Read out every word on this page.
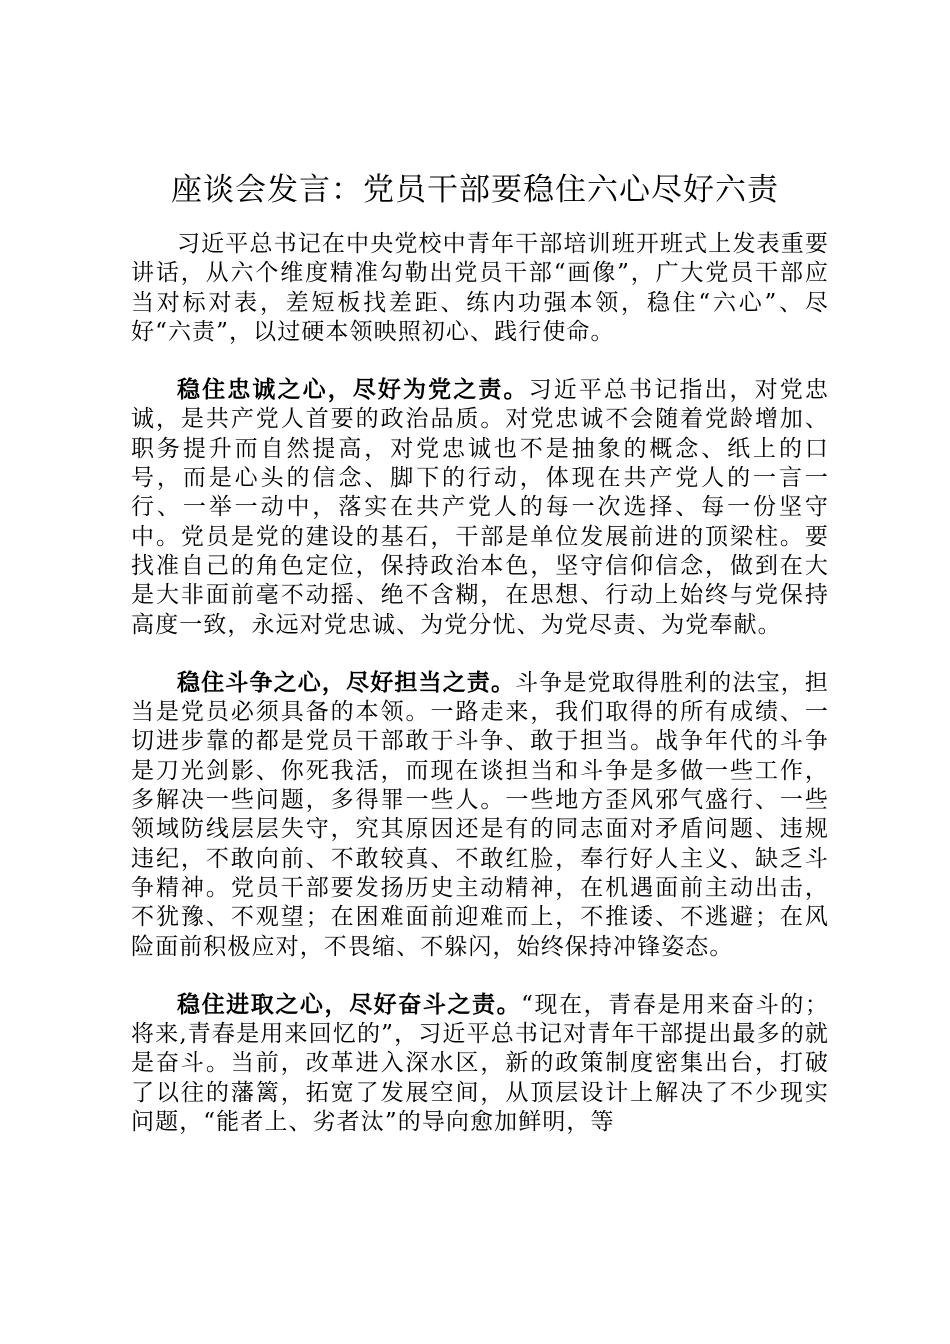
座谈会发言：党员干部要稳住六心尽好六责

习近平总书记在中央党校中青年干部培训班开班式上发表重要讲话，从六个维度精准勾勒出党员干部“画像”，广大党员干部应当对标对表，差短板找差距、练内功强本领，稳住“六心”、尽好“六责”，以过硬本领映照初心、践行使命。

稳住忠诚之心，尽好为党之责。习近平总书记指出，对党忠诚，是共产党人首要的政治品质。对党忠诚不会随着党龄增加、职务提升而自然提高，对党忠诚也不是抽象的概念、纸上的口号，而是心头的信念、脚下的行动，体现在共产党人的一言一行、一举一动中，落实在共产党人的每一次选择、每一份坚守中。党员是党的建设的基石，干部是单位发展前进的顶梁柱。要找准自己的角色定位，保持政治本色，坚守信仰信念，做到在大是大非面前毫不动摇、绝不含糊，在思想、行动上始终与党保持高度一致，永远对党忠诚、为党分忧、为党尽责、为党奉献。

稳住斗争之心，尽好担当之责。斗争是党取得胜利的法宝，担当是党员必须具备的本领。一路走来，我们取得的所有成绩、一切进步靠的都是党员干部敢于斗争、敢于担当。战争年代的斗争是刀光剑影、你死我活，而现在谈担当和斗争是多做一些工作，多解决一些问题，多得罪一些人。一些地方歪风邪气盛行、一些领域防线层层失守，究其原因还是有的同志面对矛盾问题、违规违纪，不敢向前、不敢较真、不敢红脸，奉行好人主义、缺乏斗争精神。党员干部要发扬历史主动精神，在机遇面前主动出击，不犹豫、不观望；在困难面前迎难而上，不推诿、不逃避；在风险面前积极应对，不畏缩、不躲闪，始终保持冲锋姿态。

稳住进取之心，尽好奋斗之责。“现在，青春是用来奋斗的；将来,青春是用来回忆的”，习近平总书记对青年干部提出最多的就是奋斗。当前，改革进入深水区，新的政策制度密集出台，打破了以往的藩篱，拓宽了发展空间，从顶层设计上解决了不少现实问题，“能者上、劣者汰”的导向愈加鲜明，等
